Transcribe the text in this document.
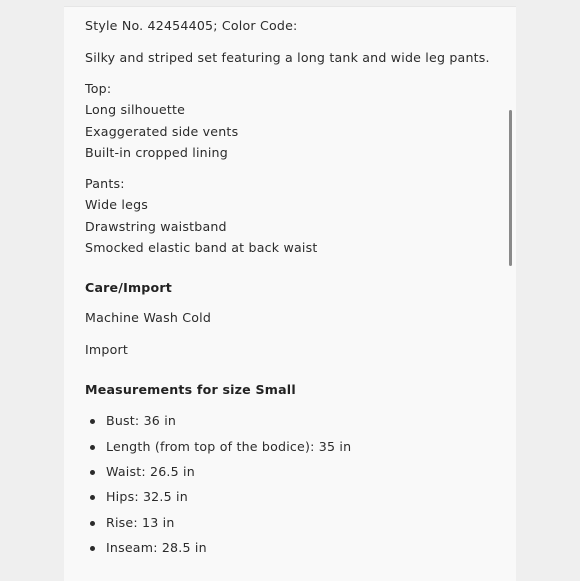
Style No. 42454405; Color Code:
Silky and striped set featuring a long tank and wide leg pants.
Top:
Long silhouette
Exaggerated side vents
Built-in cropped lining
Pants:
Wide legs
Drawstring waistband
Smocked elastic band at back waist
Care/Import
Machine Wash Cold
Import
Measurements for size Small
Bust: 36 in
Length (from top of the bodice): 35 in
Waist: 26.5 in
Hips: 32.5 in
Rise: 13 in
Inseam: 28.5 in
